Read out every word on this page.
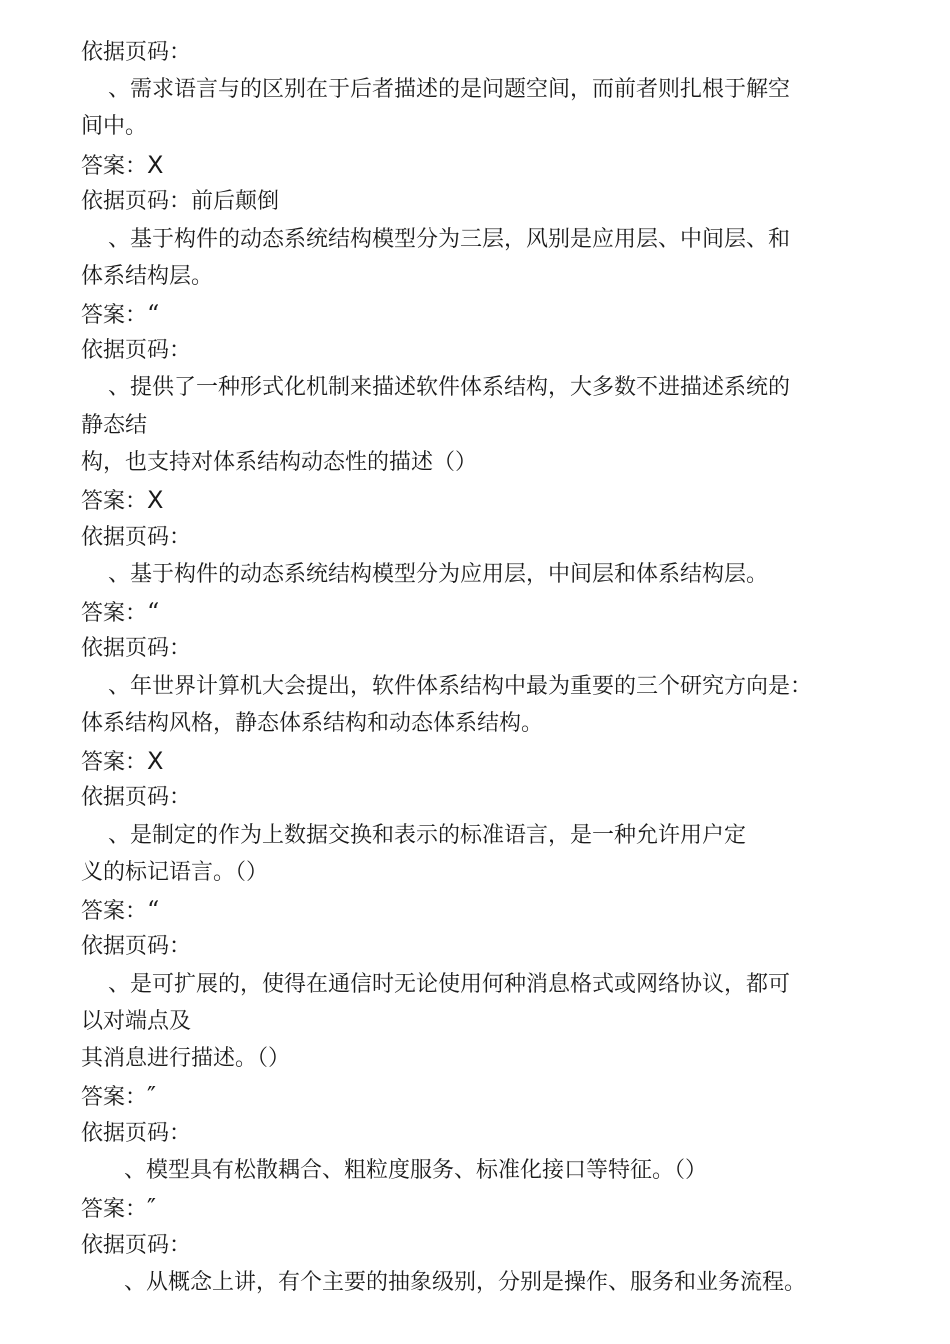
依据页码：
、需求语言与的区别在于后者描述的是问题空间，而前者则扎根于解空
间中。
答案：X
依据页码：前后颠倒
、基于构件的动态系统结构模型分为三层，风别是应用层、中间层、和
体系结构层。
答案：“
依据页码：
、提供了一种形式化机制来描述软件体系结构，大多数不进描述系统的
静态结
构，也支持对体系结构动态性的描述（）
答案：X
依据页码：
、基于构件的动态系统结构模型分为应用层，中间层和体系结构层。
答案：“
依据页码：
、年世界计算机大会提出，软件体系结构中最为重要的三个研究方向是：
体系结构风格，静态体系结构和动态体系结构。
答案：X
依据页码：
、是制定的作为上数据交换和表示的标准语言，是一种允许用户定
义的标记语言。（）
答案：“
依据页码：
、是可扩展的，使得在通信时无论使用何种消息格式或网络协议，都可
以对端点及
其消息进行描述。（）
答案：″
依据页码：
、模型具有松散耦合、粗粒度服务、标准化接口等特征。（）
答案：″
依据页码：
、从概念上讲，有个主要的抽象级别，分别是操作、服务和业务流程。
